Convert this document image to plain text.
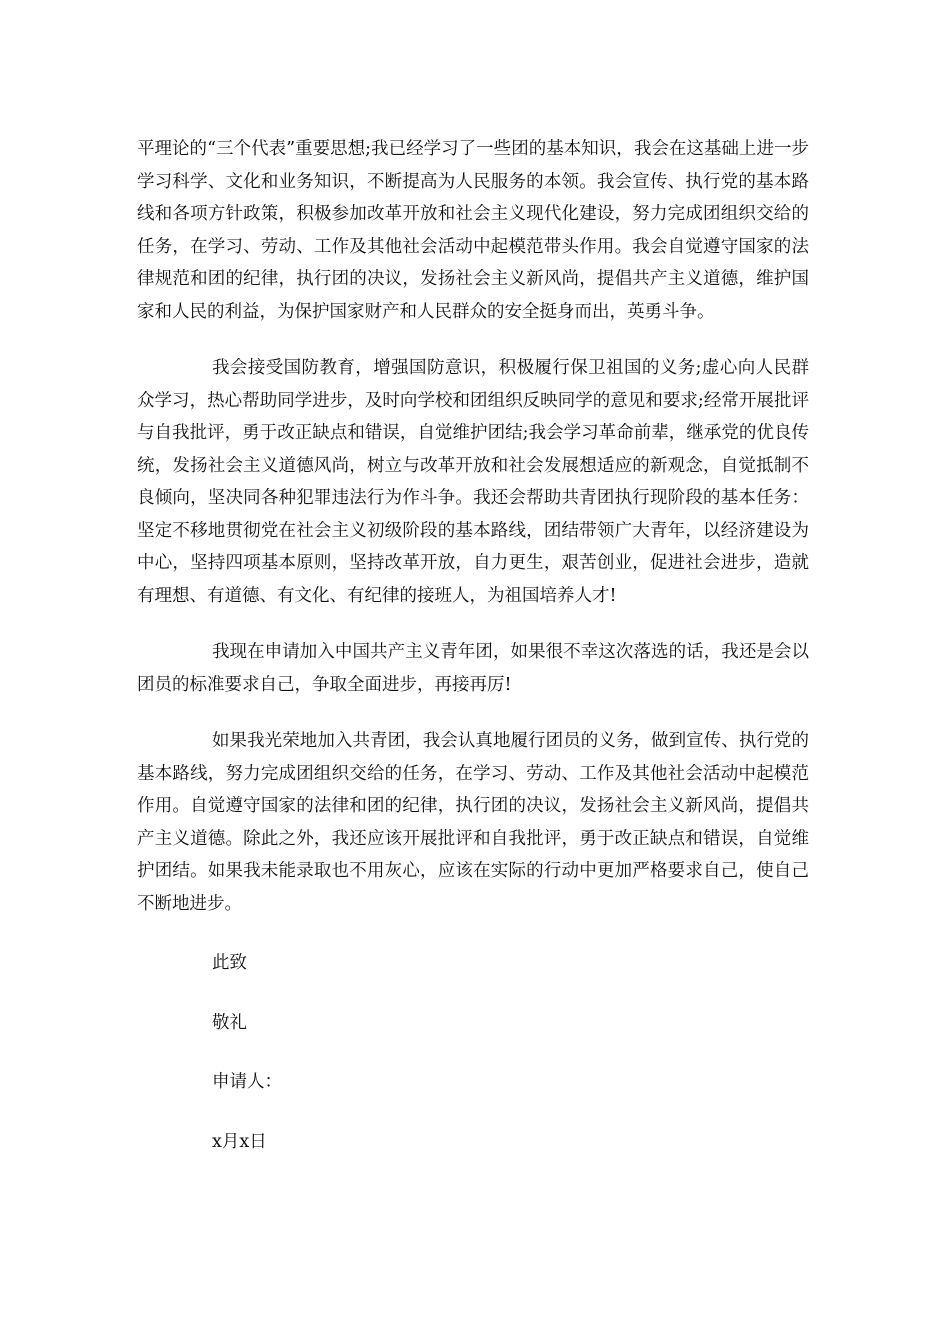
平理论的“三个代表”重要思想;我已经学习了一些团的基本知识，我会在这基础上进一步学习科学、文化和业务知识，不断提高为人民服务的本领。我会宣传、执行党的基本路线和各项方针政策，积极参加改革开放和社会主义现代化建设，努力完成团组织交给的任务，在学习、劳动、工作及其他社会活动中起模范带头作用。我会自觉遵守国家的法律规范和团的纪律，执行团的决议，发扬社会主义新风尚，提倡共产主义道德，维护国家和人民的利益，为保护国家财产和人民群众的安全挺身而出，英勇斗争。

我会接受国防教育，增强国防意识，积极履行保卫祖国的义务;虚心向人民群众学习，热心帮助同学进步，及时向学校和团组织反映同学的意见和要求;经常开展批评与自我批评，勇于改正缺点和错误，自觉维护团结;我会学习革命前辈，继承党的优良传统，发扬社会主义道德风尚，树立与改革开放和社会发展想适应的新观念，自觉抵制不良倾向，坚决同各种犯罪违法行为作斗争。我还会帮助共青团执行现阶段的基本任务：坚定不移地贯彻党在社会主义初级阶段的基本路线，团结带领广大青年，以经济建设为中心，坚持四项基本原则，坚持改革开放，自力更生，艰苦创业，促进社会进步，造就有理想、有道德、有文化、有纪律的接班人，为祖国培养人才!

我现在申请加入中国共产主义青年团，如果很不幸这次落选的话，我还是会以团员的标准要求自己，争取全面进步，再接再厉!

如果我光荣地加入共青团，我会认真地履行团员的义务，做到宣传、执行党的基本路线，努力完成团组织交给的任务，在学习、劳动、工作及其他社会活动中起模范作用。自觉遵守国家的法律和团的纪律，执行团的决议，发扬社会主义新风尚，提倡共产主义道德。除此之外，我还应该开展批评和自我批评，勇于改正缺点和错误，自觉维护团结。如果我未能录取也不用灰心，应该在实际的行动中更加严格要求自己，使自己不断地进步。

此致

敬礼

申请人：

x月x日
